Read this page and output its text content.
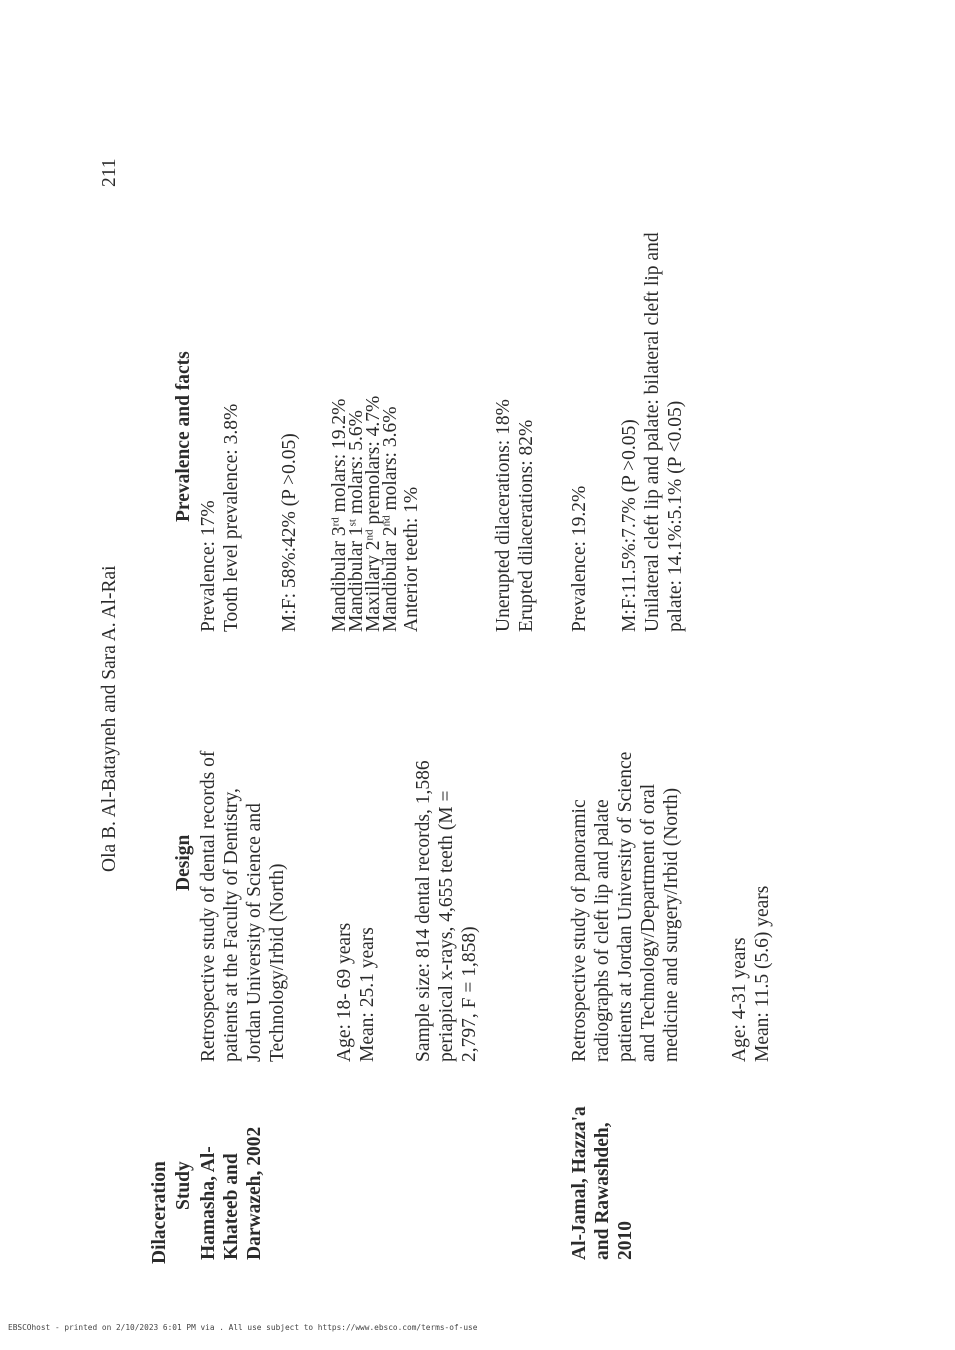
211
Ola B. Al-Batayneh and Sara A. Al-Rai
Dilaceration Study
Design
Prevalence and facts
Hamasha, Al- Khateeb and Darwazeh, 2002
Retrospective study of dental records of patients at the Faculty of Dentistry, Jordan University of Science and Technology/Irbid (North) Age: 18- 69 years Mean: 25.1 years Sample size: 814 dental records, 1,586 periapical x-rays, 4,655 teeth (M = 2,797, F = 1,858)
Prevalence: 17% Tooth level prevalence: 3.8% M:F: 58%:42% (P >0.05) Mandibular 3rd molars: 19.2%
Mandibular 1st molars: 5.6%
Maxillary 2nd premolars: 4.7%
Mandibular 2nd molars: 3.6%
Anterior teeth: 1%	Unerupted dilacerations: 18% Erupted dilacerations: 82%
Al-Jamal, Hazza'a and Rawashdeh, 2010
Retrospective study of panoramic radiographs of cleft lip and palate patients at Jordan University of Science and Technology/Department of oral medicine and surgery/Irbid (North) Age: 4-31 years Mean: 11.5 (5.6) years
Prevalence: 19.2% M:F:11.5%:7.7% (P >0.05) Unilateral cleft lip and palate: bilateral cleft lip and palate: 14.1%:5.1% (P <0.05)
EBSCOhost - printed on 2/10/2023 6:01 PM via . All use subject to https://www.ebsco.com/terms-of-use
